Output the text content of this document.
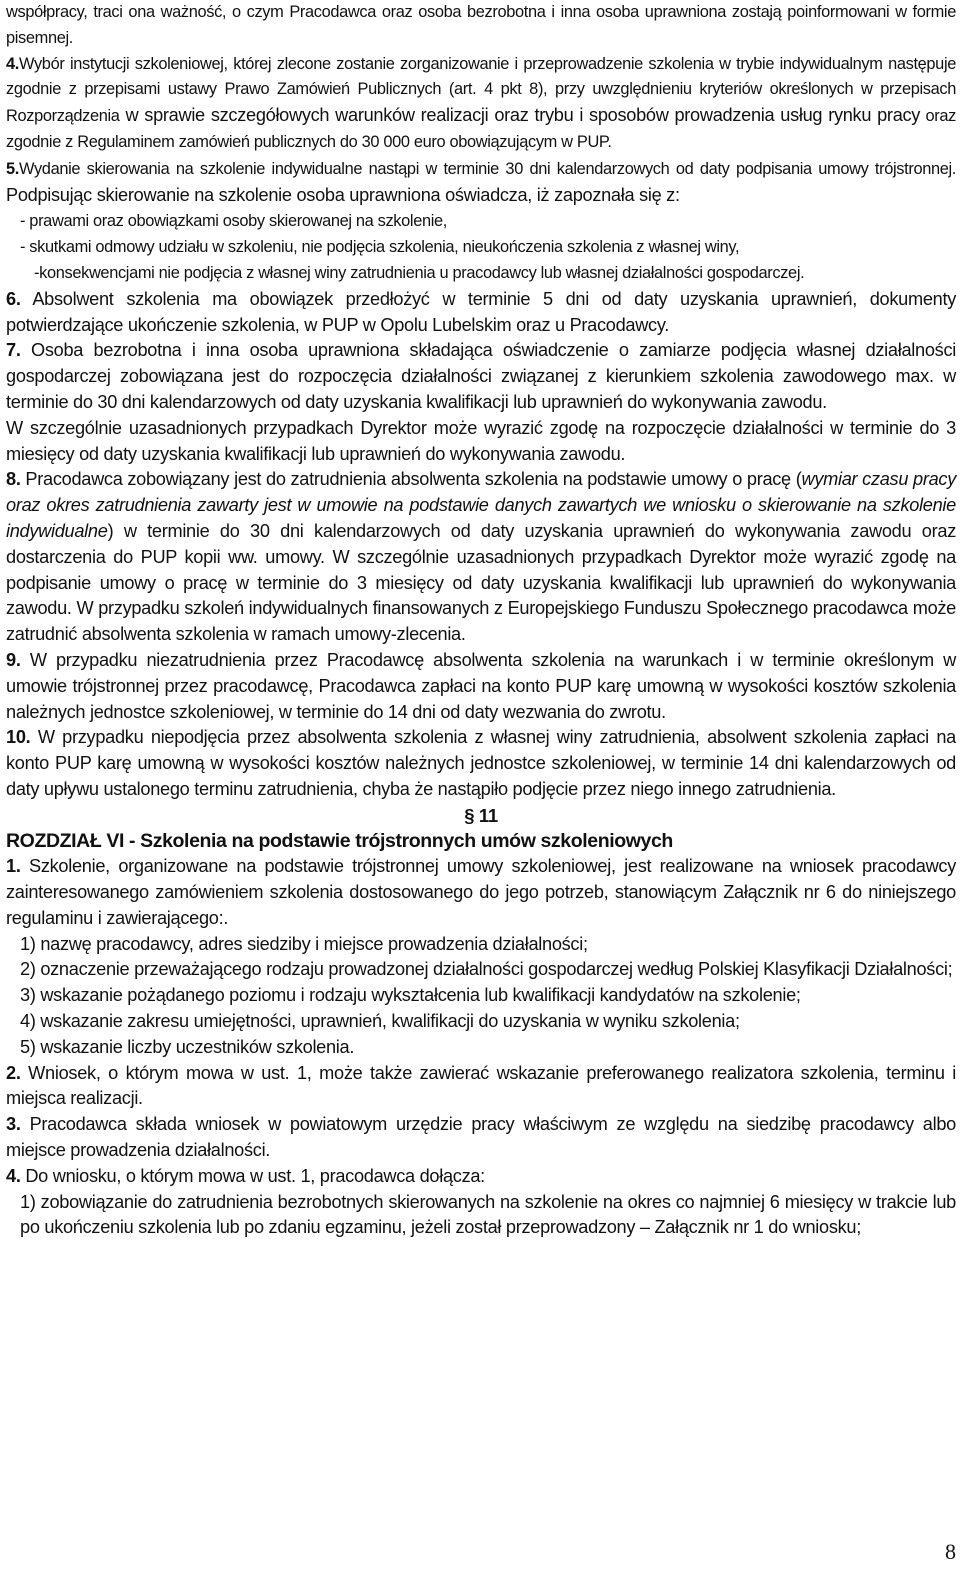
współpracy, traci ona ważność, o czym Pracodawca oraz osoba bezrobotna i inna osoba uprawniona zostają poinformowani w formie pisemnej.

4.Wybór instytucji szkoleniowej, której zlecone zostanie zorganizowanie i przeprowadzenie szkolenia w trybie indywidualnym następuje zgodnie z przepisami ustawy Prawo Zamówień Publicznych (art. 4 pkt 8), przy uwzględnieniu kryteriów określonych w przepisach Rozporządzenia w sprawie szczegółowych warunków realizacji oraz trybu i sposobów prowadzenia usług rynku pracy oraz zgodnie z Regulaminem zamówień publicznych do 30 000 euro obowiązującym w PUP.

5.Wydanie skierowania na szkolenie indywidualne nastąpi w terminie 30 dni kalendarzowych od daty podpisania umowy trójstronnej. Podpisując skierowanie na szkolenie osoba uprawniona oświadcza, iż zapoznała się z:

- prawami oraz obowiązkami osoby skierowanej na szkolenie,

- skutkami odmowy udziału w szkoleniu, nie podjęcia szkolenia, nieukończenia szkolenia z własnej winy,

-konsekwencjami nie podjęcia z własnej winy zatrudnienia u pracodawcy lub własnej działalności gospodarczej.

6. Absolwent szkolenia ma obowiązek przedłożyć w terminie 5 dni od daty uzyskania uprawnień, dokumenty potwierdzające ukończenie szkolenia, w PUP w Opolu Lubelskim oraz u Pracodawcy.

7. Osoba bezrobotna i inna osoba uprawniona składająca oświadczenie o zamiarze podjęcia własnej działalności gospodarczej zobowiązana jest do rozpoczęcia działalności związanej z kierunkiem szkolenia zawodowego max. w terminie do 30 dni kalendarzowych od daty uzyskania kwalifikacji lub uprawnień do wykonywania zawodu.

W szczególnie uzasadnionych przypadkach Dyrektor może wyrazić zgodę na rozpoczęcie działalności w terminie do 3 miesięcy od daty uzyskania kwalifikacji lub uprawnień do wykonywania zawodu.

8. Pracodawca zobowiązany jest do zatrudnienia absolwenta szkolenia na podstawie umowy o pracę (wymiar czasu pracy oraz okres zatrudnienia zawarty jest w umowie na podstawie danych zawartych we wniosku o skierowanie na szkolenie indywidualne) w terminie do 30 dni kalendarzowych od daty uzyskania uprawnień do wykonywania zawodu oraz dostarczenia do PUP kopii ww. umowy. W szczególnie uzasadnionych przypadkach Dyrektor może wyrazić zgodę na podpisanie umowy o pracę w terminie do 3 miesięcy od daty uzyskania kwalifikacji lub uprawnień do wykonywania zawodu. W przypadku szkoleń indywidualnych finansowanych z Europejskiego Funduszu Społecznego pracodawca może zatrudnić absolwenta szkolenia w ramach umowy-zlecenia.

9. W przypadku niezatrudnienia przez Pracodawcę absolwenta szkolenia na warunkach i w terminie określonym w umowie trójstronnej przez pracodawcę, Pracodawca zapłaci na konto PUP karę umowną w wysokości kosztów szkolenia należnych jednostce szkoleniowej, w terminie do 14 dni od daty wezwania do zwrotu.

10. W przypadku niepodjęcia przez absolwenta szkolenia z własnej winy zatrudnienia, absolwent szkolenia zapłaci na konto PUP karę umowną w wysokości kosztów należnych jednostce szkoleniowej, w terminie 14 dni kalendarzowych od daty upływu ustalonego terminu zatrudnienia, chyba że nastąpiło podjęcie przez niego innego zatrudnienia.

§ 11

ROZDZIAŁ VI - Szkolenia na podstawie trójstronnych umów szkoleniowych

1. Szkolenie, organizowane na podstawie trójstronnej umowy szkoleniowej, jest realizowane na wniosek pracodawcy zainteresowanego zamówieniem szkolenia dostosowanego do jego potrzeb, stanowiącym Załącznik nr 6 do niniejszego regulaminu i zawierającego:.

1) nazwę pracodawcy, adres siedziby i miejsce prowadzenia działalności;

2) oznaczenie przeważającego rodzaju prowadzonej działalności gospodarczej według Polskiej Klasyfikacji Działalności;

3) wskazanie pożądanego poziomu i rodzaju wykształcenia lub kwalifikacji kandydatów na szkolenie;

4) wskazanie zakresu umiejętności, uprawnień, kwalifikacji do uzyskania w wyniku szkolenia;

5) wskazanie liczby uczestników szkolenia.

2. Wniosek, o którym mowa w ust. 1, może także zawierać wskazanie preferowanego realizatora szkolenia, terminu i miejsca realizacji.

3. Pracodawca składa wniosek w powiatowym urzędzie pracy właściwym ze względu na siedzibę pracodawcy albo miejsce prowadzenia działalności.

4. Do wniosku, o którym mowa w ust. 1, pracodawca dołącza:

1) zobowiązanie do zatrudnienia bezrobotnych skierowanych na szkolenie na okres co najmniej 6 miesięcy w trakcie lub po ukończeniu szkolenia lub po zdaniu egzaminu, jeżeli został przeprowadzony – Załącznik nr 1 do wniosku;

8
